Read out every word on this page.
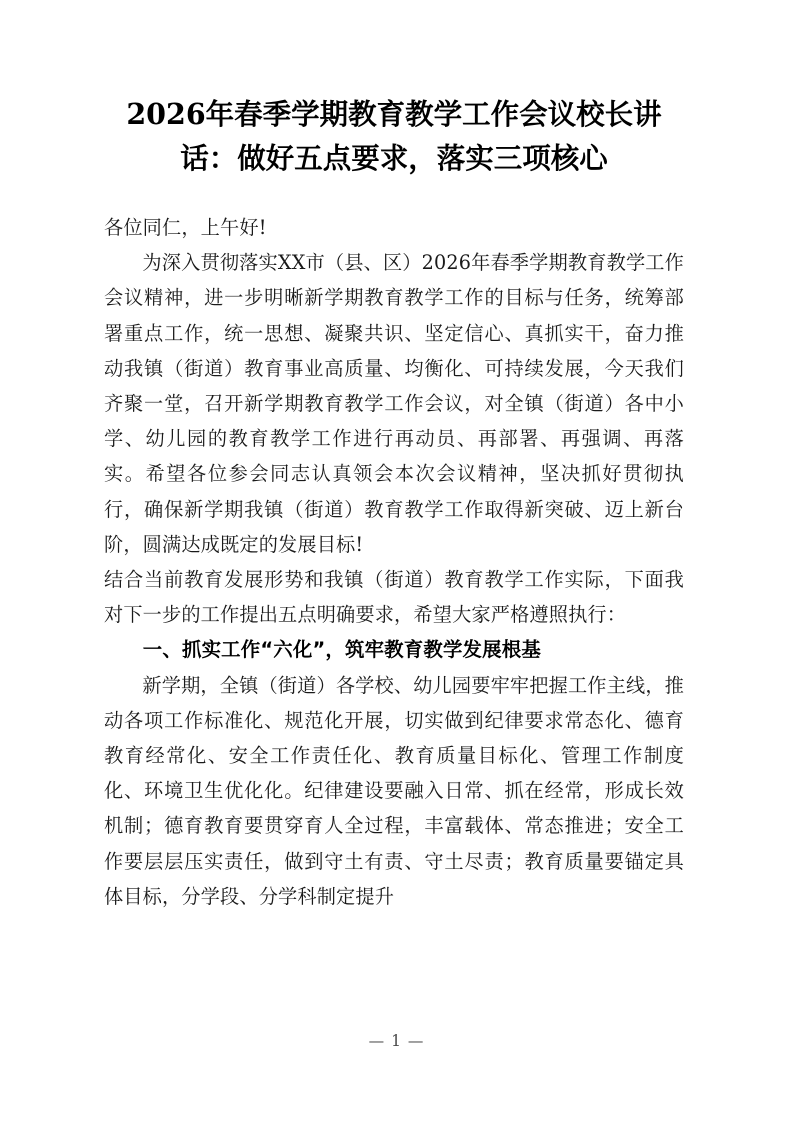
2026年春季学期教育教学工作会议校长讲
话：做好五点要求，落实三项核心

各位同仁，上午好!

为深入贯彻落实XX市（县、区）2026年春季学期教育教学工作会议精神，进一步明晰新学期教育教学工作的目标与任务，统筹部署重点工作，统一思想、凝聚共识、坚定信心、真抓实干，奋力推动我镇（街道）教育事业高质量、均衡化、可持续发展，今天我们齐聚一堂，召开新学期教育教学工作会议，对全镇（街道）各中小学、幼儿园的教育教学工作进行再动员、再部署、再强调、再落实。希望各位参会同志认真领会本次会议精神，坚决抓好贯彻执行，确保新学期我镇（街道）教育教学工作取得新突破、迈上新台阶，圆满达成既定的发展目标!

结合当前教育发展形势和我镇（街道）教育教学工作实际，下面我对下一步的工作提出五点明确要求，希望大家严格遵照执行：

一、抓实工作“六化”，筑牢教育教学发展根基

新学期，全镇（街道）各学校、幼儿园要牢牢把握工作主线，推动各项工作标准化、规范化开展，切实做到纪律要求常态化、德育教育经常化、安全工作责任化、教育质量目标化、管理工作制度化、环境卫生优化化。纪律建设要融入日常、抓在经常，形成长效机制；德育教育要贯穿育人全过程，丰富载体、常态推进；安全工作要层层压实责任，做到守土有责、守土尽责；教育质量要锚定具体目标，分学段、分学科制定提升

— 1 —
